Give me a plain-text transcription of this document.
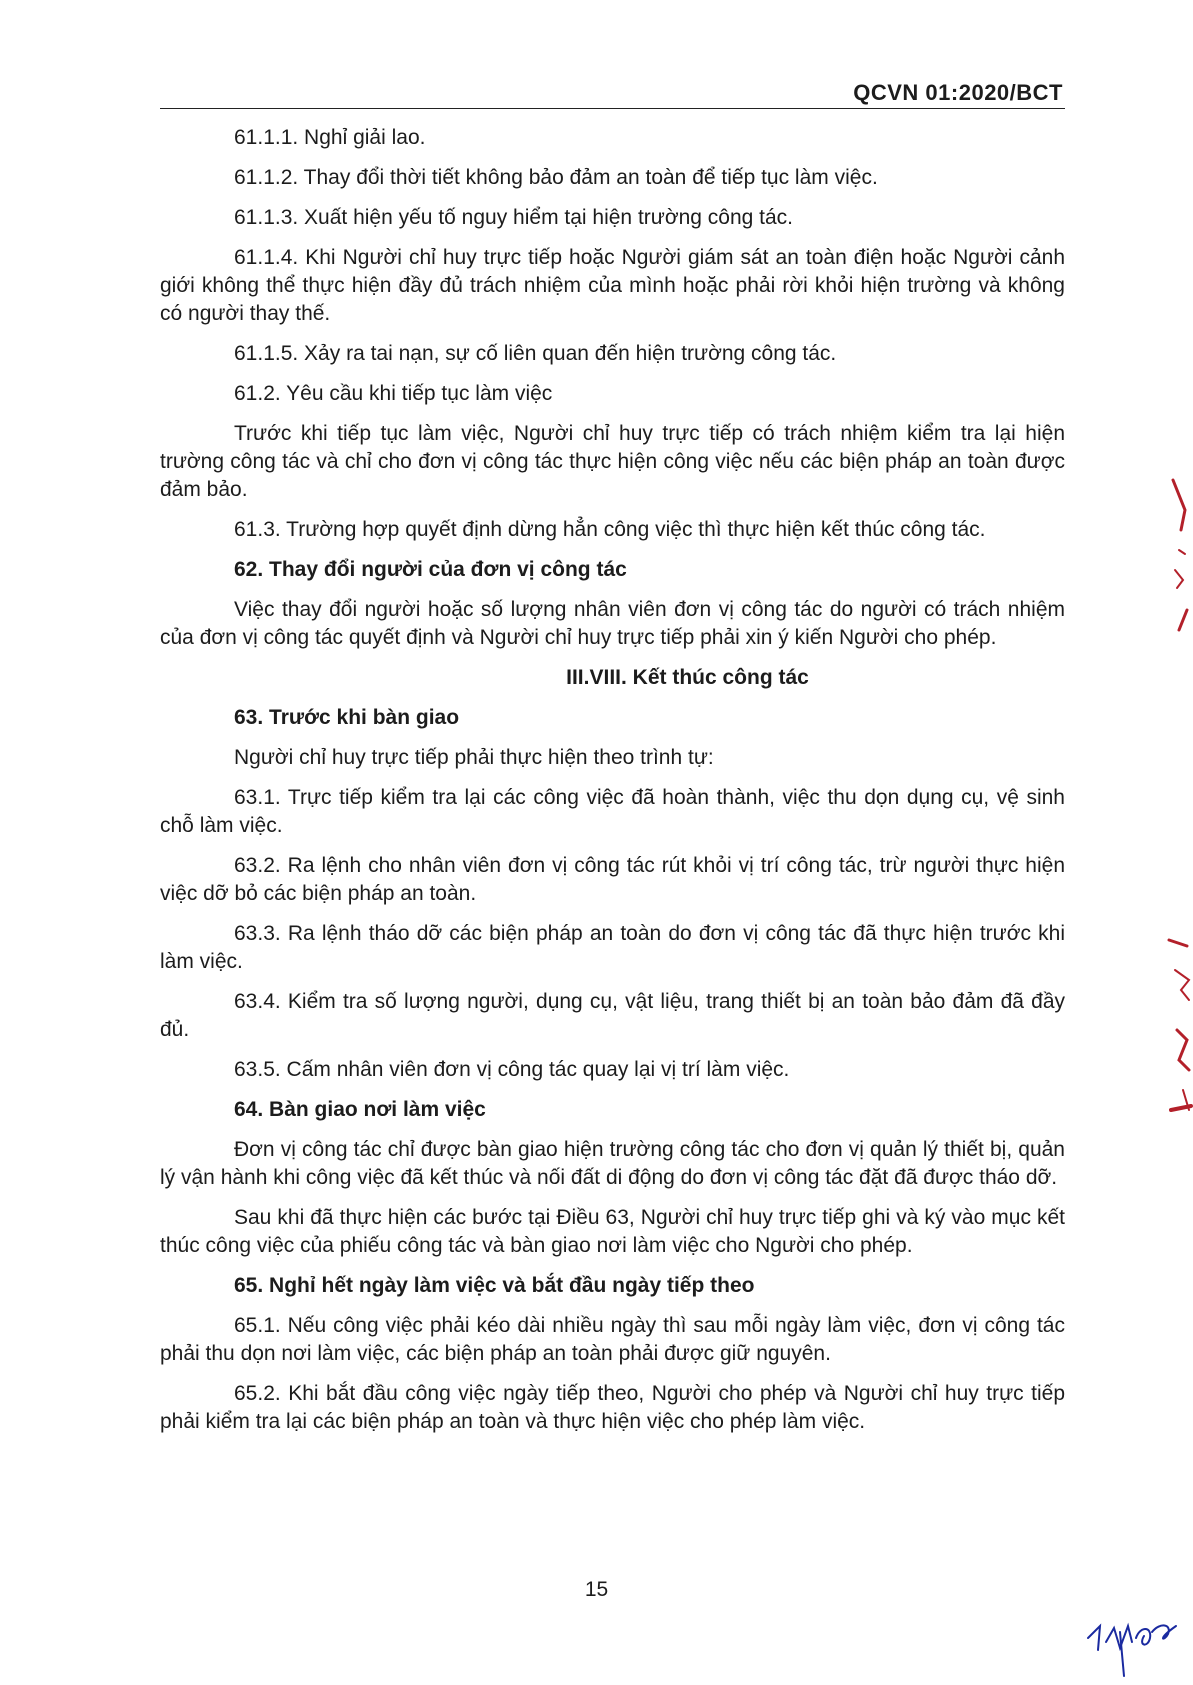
QCVN 01:2020/BCT

61.1.1. Nghỉ giải lao.

61.1.2. Thay đổi thời tiết không bảo đảm an toàn để tiếp tục làm việc.

61.1.3. Xuất hiện yếu tố nguy hiểm tại hiện trường công tác.

61.1.4. Khi Người chỉ huy trực tiếp hoặc Người giám sát an toàn điện hoặc Người cảnh giới không thể thực hiện đầy đủ trách nhiệm của mình hoặc phải rời khỏi hiện trường và không có người thay thế.

61.1.5. Xảy ra tai nạn, sự cố liên quan đến hiện trường công tác.

61.2. Yêu cầu khi tiếp tục làm việc

Trước khi tiếp tục làm việc, Người chỉ huy trực tiếp có trách nhiệm kiểm tra lại hiện trường công tác và chỉ cho đơn vị công tác thực hiện công việc nếu các biện pháp an toàn được đảm bảo.

61.3. Trường hợp quyết định dừng hẳn công việc thì thực hiện kết thúc công tác.

62. Thay đổi người của đơn vị công tác

Việc thay đổi người hoặc số lượng nhân viên đơn vị công tác do người có trách nhiệm của đơn vị công tác quyết định và Người chỉ huy trực tiếp phải xin ý kiến Người cho phép.

III.VIII. Kết thúc công tác
63. Trước khi bàn giao

Người chỉ huy trực tiếp phải thực hiện theo trình tự:

63.1. Trực tiếp kiểm tra lại các công việc đã hoàn thành, việc thu dọn dụng cụ, vệ sinh chỗ làm việc.

63.2. Ra lệnh cho nhân viên đơn vị công tác rút khỏi vị trí công tác, trừ người thực hiện việc dỡ bỏ các biện pháp an toàn.

63.3. Ra lệnh tháo dỡ các biện pháp an toàn do đơn vị công tác đã thực hiện trước khi làm việc.

63.4. Kiểm tra số lượng người, dụng cụ, vật liệu, trang thiết bị an toàn bảo đảm đã đầy đủ.

63.5. Cấm nhân viên đơn vị công tác quay lại vị trí làm việc.

64. Bàn giao nơi làm việc

Đơn vị công tác chỉ được bàn giao hiện trường công tác cho đơn vị quản lý thiết bị, quản lý vận hành khi công việc đã kết thúc và nối đất di động do đơn vị công tác đặt đã được tháo dỡ.

Sau khi đã thực hiện các bước tại Điều 63, Người chỉ huy trực tiếp ghi và ký vào mục kết thúc công việc của phiếu công tác và bàn giao nơi làm việc cho Người cho phép.

65. Nghỉ hết ngày làm việc và bắt đầu ngày tiếp theo

65.1. Nếu công việc phải kéo dài nhiều ngày thì sau mỗi ngày làm việc, đơn vị công tác phải thu dọn nơi làm việc, các biện pháp an toàn phải được giữ nguyên.

65.2. Khi bắt đầu công việc ngày tiếp theo, Người cho phép và Người chỉ huy trực tiếp phải kiểm tra lại các biện pháp an toàn và thực hiện việc cho phép làm việc.

15
